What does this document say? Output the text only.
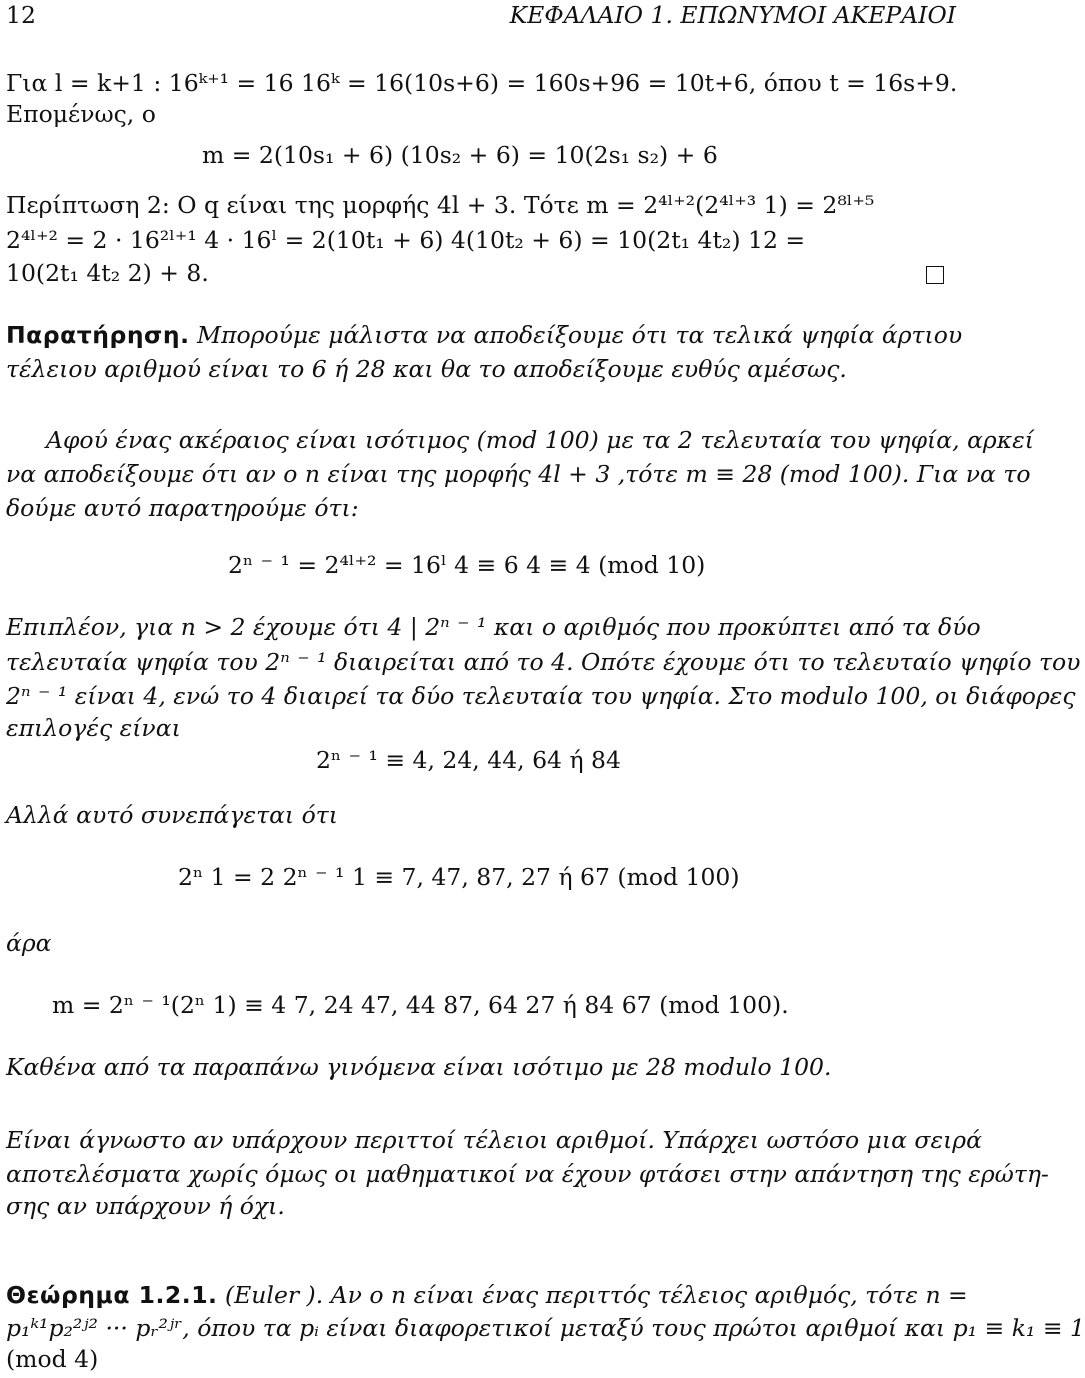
12	ΚΕΦΑΛΑΙΟ 1. ΕΠΩΝΥΜΟΙ ΑΚΕΡΑΙΟΙ
Για l = k+1 : 16ᵏ⁺¹ = 16 16ᵏ = 16(10s+6) = 160s+96 = 10t+6, όπου t = 16s+9.
Επομένως, ο
m = 2(10s₁ + 6) (10s₂ + 6) = 10(2s₁ s₂) + 6
Περίπτωση 2: Ο q είναι της μορφής 4l + 3. Τότε m = 2⁴ˡ⁺²(2⁴ˡ⁺³ 1) = 2⁸ˡ⁺⁵
2⁴ˡ⁺² = 2 · 16²ˡ⁺¹ 4 · 16ˡ = 2(10t₁ + 6) 4(10t₂ + 6) = 10(2t₁ 4t₂) 12 =
10(2t₁ 4t₂ 2) + 8.
Παρατήρηση. Μπορούμε μάλιστα να αποδείξουμε ότι τα τελικά ψηφία άρτιου
τέλειου αριθμού είναι το 6 ή 28 και θα το αποδείξουμε ευθύς αμέσως.
Αφού ένας ακέραιος είναι ισότιμος (mod 100) με τα 2 τελευταία του ψηφία, αρκεί
να αποδείξουμε ότι αν ο n είναι της μορφής 4l + 3 ,τότε m ≡ 28 (mod 100). Για να το
δούμε αυτό παρατηρούμε ότι:
2ⁿ ⁻ ¹ = 2⁴ˡ⁺² = 16ˡ 4 ≡ 6 4 ≡ 4 (mod 10)
Επιπλέον, για n > 2 έχουμε ότι 4 | 2ⁿ ⁻ ¹ και ο αριθμός που προκύπτει από τα δύο
τελευταία ψηφία του 2ⁿ ⁻ ¹ διαιρείται από το 4. Οπότε έχουμε ότι το τελευταίο ψηφίο του
2ⁿ ⁻ ¹ είναι 4, ενώ το 4 διαιρεί τα δύο τελευταία του ψηφία. Στο modulo 100, οι διάφορες
επιλογές είναι
2ⁿ ⁻ ¹ ≡ 4, 24, 44, 64 ή 84
Αλλά αυτό συνεπάγεται ότι
2ⁿ 1 = 2 2ⁿ ⁻ ¹ 1 ≡ 7, 47, 87, 27 ή 67 (mod 100)
άρα
m = 2ⁿ ⁻ ¹(2ⁿ 1) ≡ 4 7, 24 47, 44 87, 64 27 ή 84 67 (mod 100).
Καθένα από τα παραπάνω γινόμενα είναι ισότιμο με 28 modulo 100.
Είναι άγνωστο αν υπάρχουν περιττοί τέλειοι αριθμοί. Υπάρχει ωστόσο μια σειρά
αποτελέσματα χωρίς όμως οι μαθηματικοί να έχουν φτάσει στην απάντηση της ερώτη-
σης αν υπάρχουν ή όχι.
Θεώρημα 1.2.1. (Euler ). Αν ο n είναι ένας περιττός τέλειος αριθμός, τότε n =
p₁ᵏ¹p₂²ʲ² ··· pᵣ²ʲʳ, όπου τα pᵢ είναι διαφορετικοί μεταξύ τους πρώτοι αριθμοί και p₁ ≡ k₁ ≡ 1
(mod 4)
